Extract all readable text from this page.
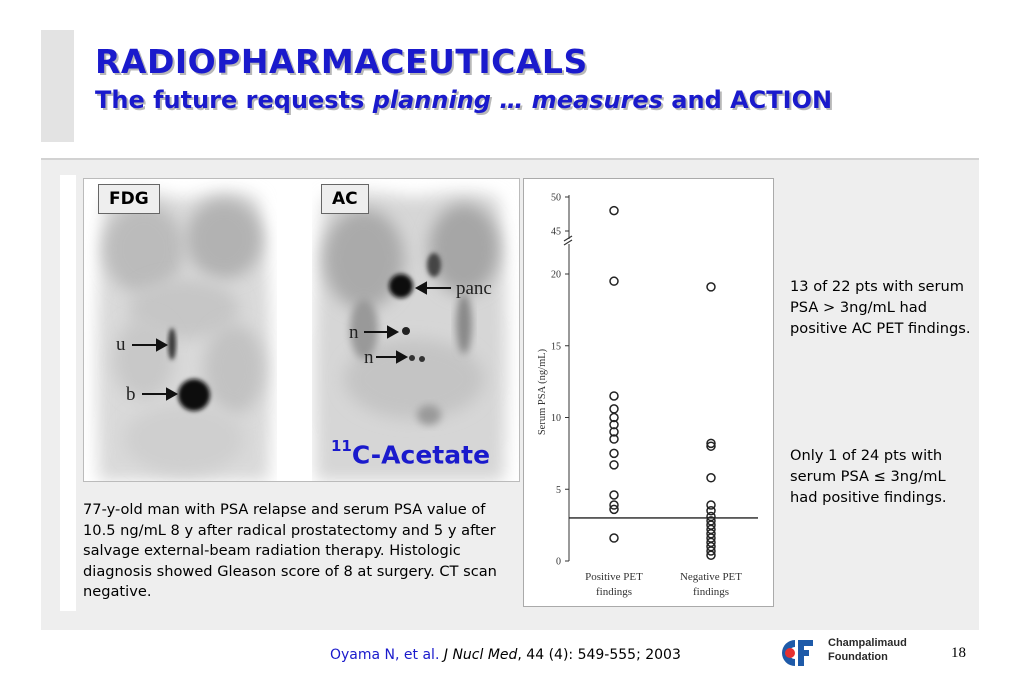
RADIOPHARMACEUTICALS
The future requests planning … measures and ACTION
u
b
panc
n
n
FDG	AC
$^{11}$C-Acetate
77-y-old man with PSA relapse and serum PSA value of 10.5 ng/mL 8 y after radical prostatectomy and 5 y after salvage external-beam radiation therapy. Histologic diagnosis showed Gleason score of 8 at surgery. CT scan negative.
Serum PSA (ng/mL)
0
5
10
15
20
45
50
Positive PET
findings
Negative PET
findings
13 of 22 pts with serum PSA > 3ng/mL had positive AC PET findings.
Only 1 of 24 pts with serum PSA ≤ 3ng/mL had positive findings.
Oyama N, et al. J Nucl Med, 44 (4): 549-555; 2003
Champalimaud
Foundation	18
